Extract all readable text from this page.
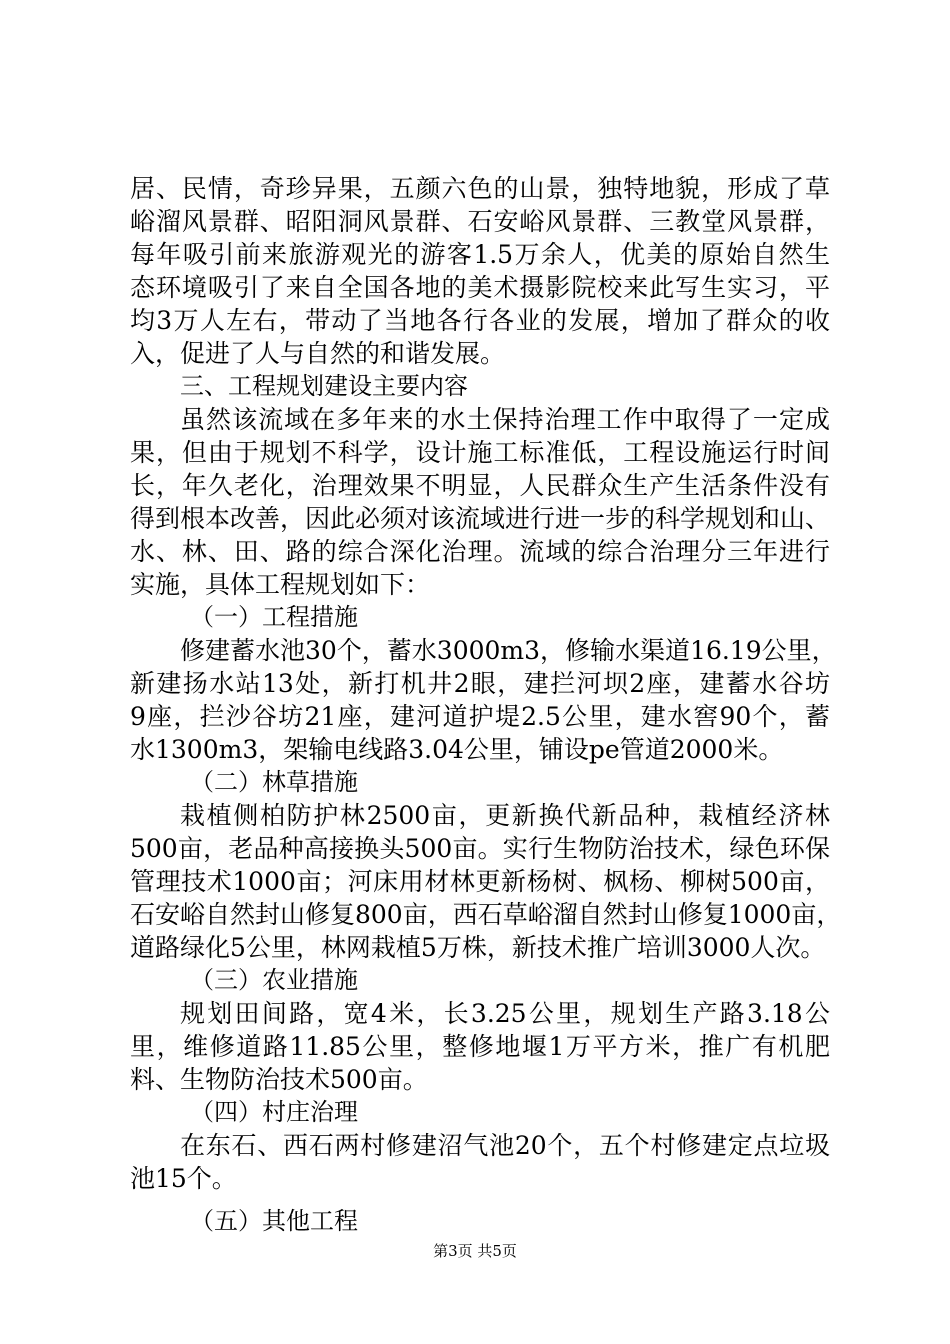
居、民情，奇珍异果，五颜六色的山景，独特地貌，形成了草
峪溜风景群、昭阳洞风景群、石安峪风景群、三教堂风景群，
每年吸引前来旅游观光的游客1.5万余人，优美的原始自然生
态环境吸引了来自全国各地的美术摄影院校来此写生实习，平
均3万人左右，带动了当地各行各业的发展，增加了群众的收
入，促进了人与自然的和谐发展。
三、工程规划建设主要内容
虽然该流域在多年来的水土保持治理工作中取得了一定成
果，但由于规划不科学，设计施工标准低，工程设施运行时间
长，年久老化，治理效果不明显，人民群众生产生活条件没有
得到根本改善，因此必须对该流域进行进一步的科学规划和山、
水、林、田、路的综合深化治理。流域的综合治理分三年进行
实施，具体工程规划如下：
（一）工程措施
修建蓄水池30个，蓄水3000m3，修输水渠道16.19公里，
新建扬水站13处，新打机井2眼，建拦河坝2座，建蓄水谷坊
9座，拦沙谷坊21座，建河道护堤2.5公里，建水窖90个，蓄
水1300m3，架输电线路3.04公里，铺设pe管道2000米。
（二）林草措施
栽植侧柏防护林2500亩，更新换代新品种，栽植经济林
500亩，老品种高接换头500亩。实行生物防治技术，绿色环保
管理技术1000亩；河床用材林更新杨树、枫杨、柳树500亩，
石安峪自然封山修复800亩，西石草峪溜自然封山修复1000亩，
道路绿化5公里，林网栽植5万株，新技术推广培训3000人次。
（三）农业措施
规划田间路，宽4米，长3.25公里，规划生产路3.18公
里，维修道路11.85公里，整修地堰1万平方米，推广有机肥
料、生物防治技术500亩。
（四）村庄治理
在东石、西石两村修建沼气池20个，五个村修建定点垃圾
池15个。
（五）其他工程
第3页 共5页
